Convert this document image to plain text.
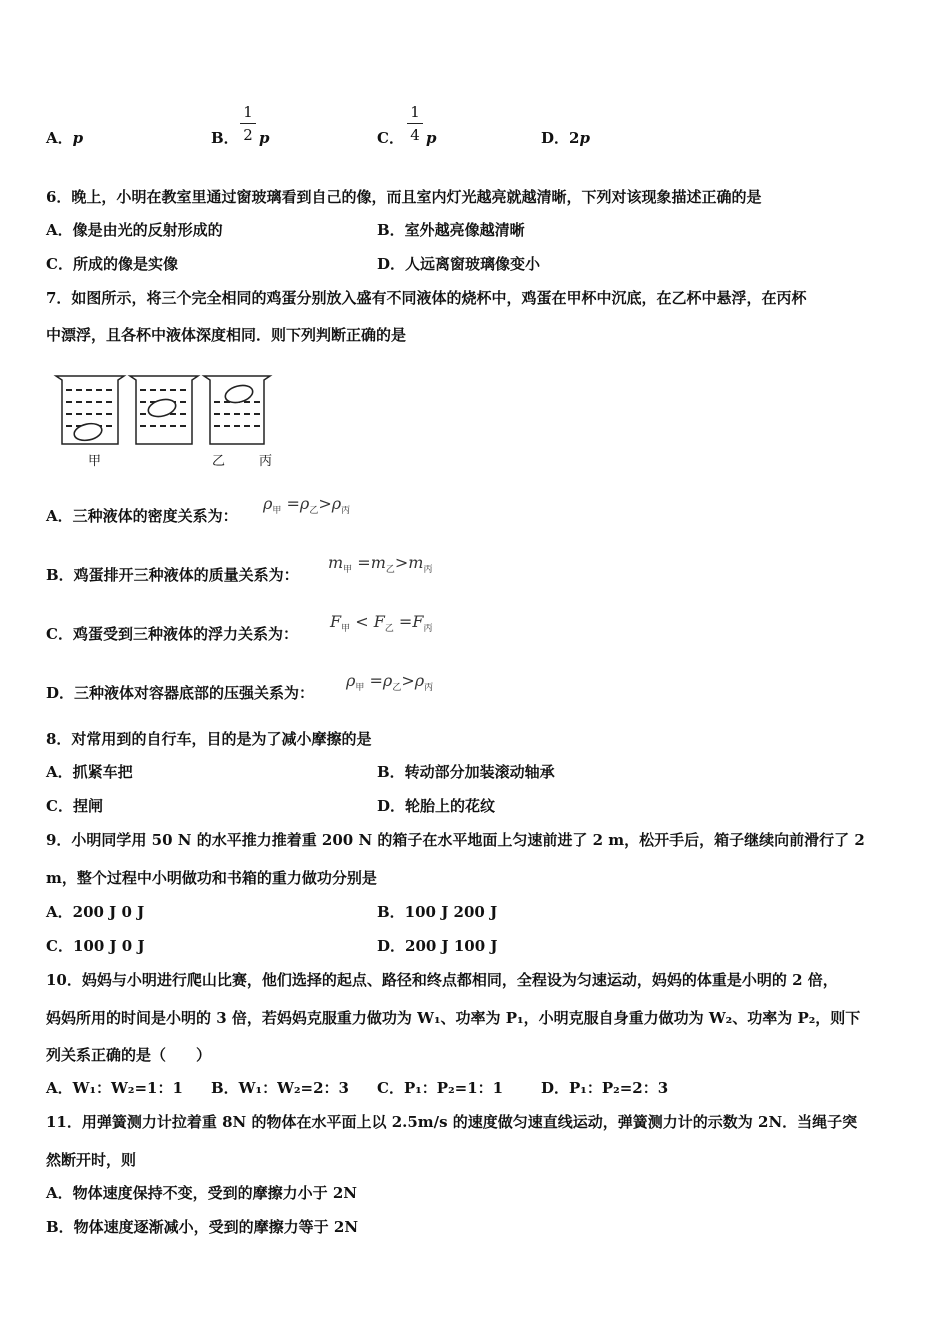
A．p	B．
1
2 p	C．
1
4 p	D．2p
6．晚上，小明在教室里通过窗玻璃看到自己的像，而且室内灯光越亮就越清晰，下列对该现象描述正确的是
A．像是由光的反射形成的	B．室外越亮像越清晰
C．所成的像是实像	D．人远离窗玻璃像变小
7．如图所示，将三个完全相同的鸡蛋分别放入盛有不同液体的烧杯中，鸡蛋在甲杯中沉底，在乙杯中悬浮，在丙杯
中漂浮，且各杯中液体深度相同．则下列判断正确的是
甲	乙	丙
A．三种液体的密度关系为：
$\rho_甲 =\rho_乙>\rho_丙$
B．鸡蛋排开三种液体的质量关系为：
$m_甲 =m_乙>m_丙$
C．鸡蛋受到三种液体的浮力关系为：
$F_甲 < F_乙 =F_丙$
D．三种液体对容器底部的压强关系为：
$\rho_甲 =\rho_乙>\rho_丙$
8．对常用到的自行车，目的是为了减小摩擦的是
A．抓紧车把	B．转动部分加装滚动轴承
C．捏闸	D．轮胎上的花纹
9．小明同学用 50 N 的水平推力推着重 200 N 的箱子在水平地面上匀速前进了 2 m，松开手后，箱子继续向前滑行了 2
m，整个过程中小明做功和书箱的重力做功分别是
A．200 J 0 J	B．100 J 200 J
C．100 J 0 J	D．200 J 100 J
10．妈妈与小明进行爬山比赛，他们选择的起点、路径和终点都相同，全程设为匀速运动，妈妈的体重是小明的 2 倍，
妈妈所用的时间是小明的 3 倍，若妈妈克服重力做功为 W₁、功率为 P₁，小明克服自身重力做功为 W₂、功率为 P₂，则下
列关系正确的是（　　）
A．W₁：W₂=1：1 B．W₁：W₂=2：3 C．P₁：P₂=1：1	D．P₁：P₂=2：3
11．用弹簧测力计拉着重 8N 的物体在水平面上以 2.5m/s 的速度做匀速直线运动，弹簧测力计的示数为 2N．当绳子突
然断开时，则
A．物体速度保持不变，受到的摩擦力小于 2N
B．物体速度逐渐减小，受到的摩擦力等于 2N
